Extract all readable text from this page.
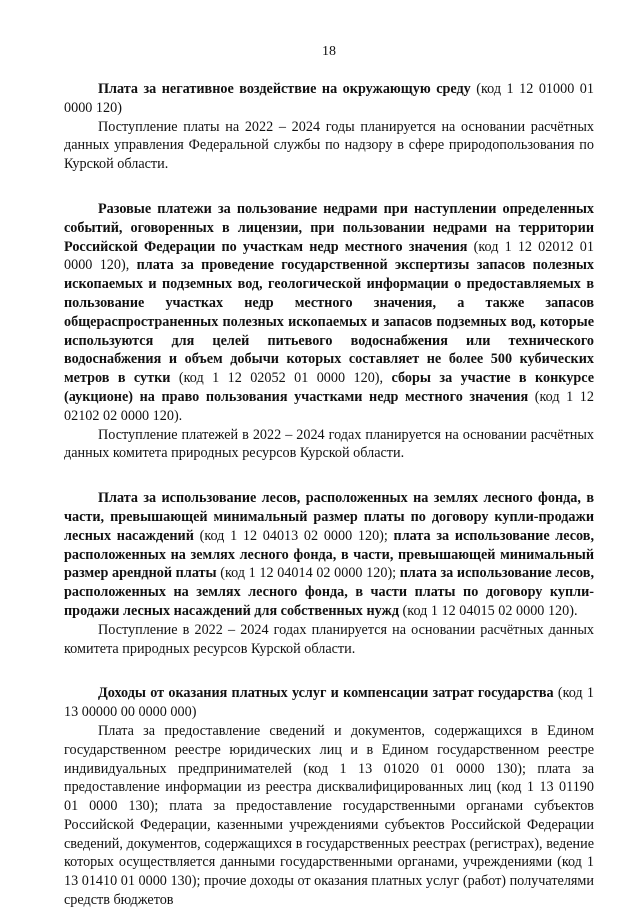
18

Плата за негативное воздействие на окружающую среду (код 1 12 01000 01 0000 120)

Поступление платы на 2022 – 2024 годы планируется на основании расчётных данных управления Федеральной службы по надзору в сфере природопользования по Курской области.

Разовые платежи за пользование недрами при наступлении определенных событий, оговоренных в лицензии, при пользовании недрами на территории Российской Федерации по участкам недр местного значения (код 1 12 02012 01 0000 120), плата за проведение государственной экспертизы запасов полезных ископаемых и подземных вод, геологической информации о предоставляемых в пользование участках недр местного значения, а также запасов общераспространенных полезных ископаемых и запасов подземных вод, которые используются для целей питьевого водоснабжения или технического водоснабжения и объем добычи которых составляет не более 500 кубических метров в сутки (код 1 12 02052 01 0000 120), сборы за участие в конкурсе (аукционе) на право пользования участками недр местного значения (код 1 12 02102 02 0000 120).

Поступление платежей в 2022 – 2024 годах планируется на основании расчётных данных комитета природных ресурсов Курской области.

Плата за использование лесов, расположенных на землях лесного фонда, в части, превышающей минимальный размер платы по договору купли-продажи лесных насаждений (код 1 12 04013 02 0000 120); плата за использование лесов, расположенных на землях лесного фонда, в части, превышающей минимальный размер арендной платы (код 1 12 04014 02 0000 120); плата за использование лесов, расположенных на землях лесного фонда, в части платы по договору купли-продажи лесных насаждений для собственных нужд (код 1 12 04015 02 0000 120).

Поступление в 2022 – 2024 годах планируется на основании расчётных данных комитета природных ресурсов Курской области.

Доходы от оказания платных услуг и компенсации затрат государства (код 1 13 00000 00 0000 000)

Плата за предоставление сведений и документов, содержащихся в Едином государственном реестре юридических лиц и в Едином государственном реестре индивидуальных предпринимателей (код 1 13 01020 01 0000 130); плата за предоставление информации из реестра дисквалифицированных лиц (код 1 13 01190 01 0000 130); плата за предоставление государственными органами субъектов Российской Федерации, казенными учреждениями субъектов Российской Федерации сведений, документов, содержащихся в государственных реестрах (регистрах), ведение которых осуществляется данными государственными органами, учреждениями (код 1 13 01410 01 0000 130); прочие доходы от оказания платных услуг (работ) получателями средств бюджетов
